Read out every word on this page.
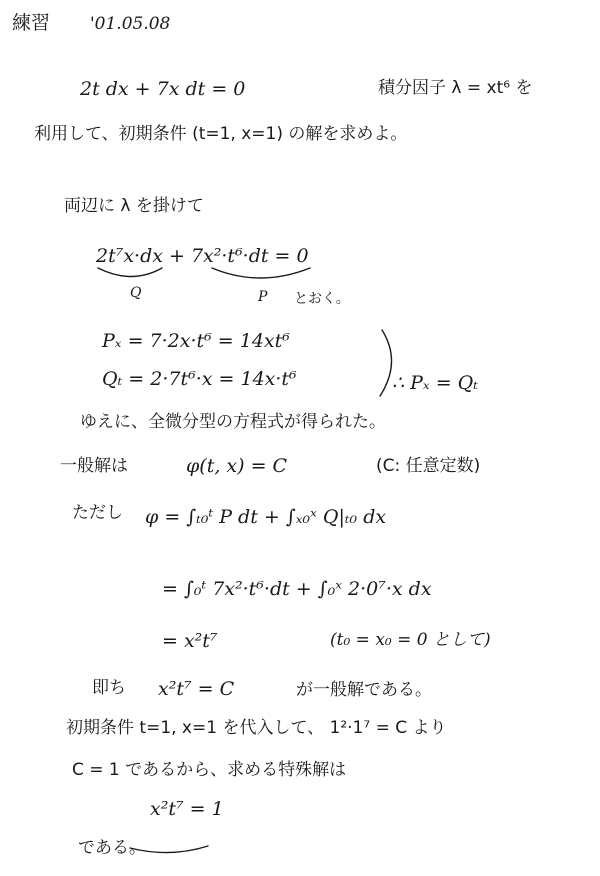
練習 '01.05.08
2t dx + 7x dt = 0	積分因子 λ = xt⁶ を
利用して、初期条件 (t=1, x=1) の解を求めよ。
両辺に λ を掛けて
2t⁷x·dx + 7x²·t⁶·dt = 0
Q	P とおく。
Pₓ = 7·2x·t⁶ = 14xt⁶
Qₜ = 2·7t⁶·x = 14x·t⁶	∴ Pₓ = Qₜ
ゆえに、全微分型の方程式が得られた。
一般解は	φ(t, x) = C	(C: 任意定数)
ただし φ = ∫ₜ₀ᵗ P dt + ∫ₓ₀ˣ Q|ₜ₀ dx
= ∫₀ᵗ 7x²·t⁶·dt + ∫₀ˣ 2·0⁷·x dx
= x²t⁷	(t₀ = x₀ = 0 として)
即ち x²t⁷ = C	が一般解である。
初期条件 t=1, x=1 を代入して、 1²·1⁷ = C より
C = 1 であるから、求める特殊解は
x²t⁷ = 1
である。
